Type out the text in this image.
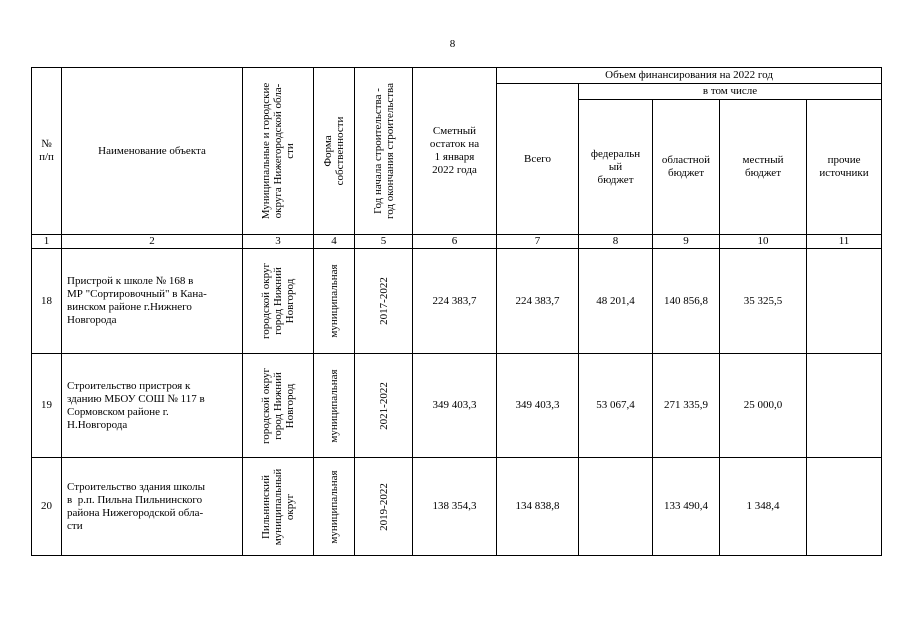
8
№
п/п	Наименование объекта	Муниципальные и городские
округа Нижегородской обла-
сти	Форма
собственности	Год начала строительства -
год окончания строительства	Сметный
остаток на
1 января
2022 года	Объем финансирования на 2022 год				
						Всего	в том числе			
							федеральн
ый
бюджет	областной
бюджет	местный
бюджет	прочие
источники
1	2	3	4	5	6	7	8	9	10	11
18	Пристрой к школе № 168 в
МР "Сортировочный" в Кана-
винском районе г.Нижнего
Новгорода	городской округ
город Нижний
Новгород	муниципальная	2017-2022	224 383,7	224 383,7	48 201,4	140 856,8	35 325,5	
19	Строительство пристроя к
зданию МБОУ СОШ № 117 в
Сормовском районе г.
Н.Новгорода	городской округ
город Нижний
Новгород	муниципальная	2021-2022	349 403,3	349 403,3	53 067,4	271 335,9	25 000,0	
20	Строительство здания школы
в  р.п. Пильна Пильнинского
района Нижегородской обла-
сти	Пильнинский
муниципальный
округ	муниципальная	2019-2022	138 354,3	134 838,8		133 490,4	1 348,4	
